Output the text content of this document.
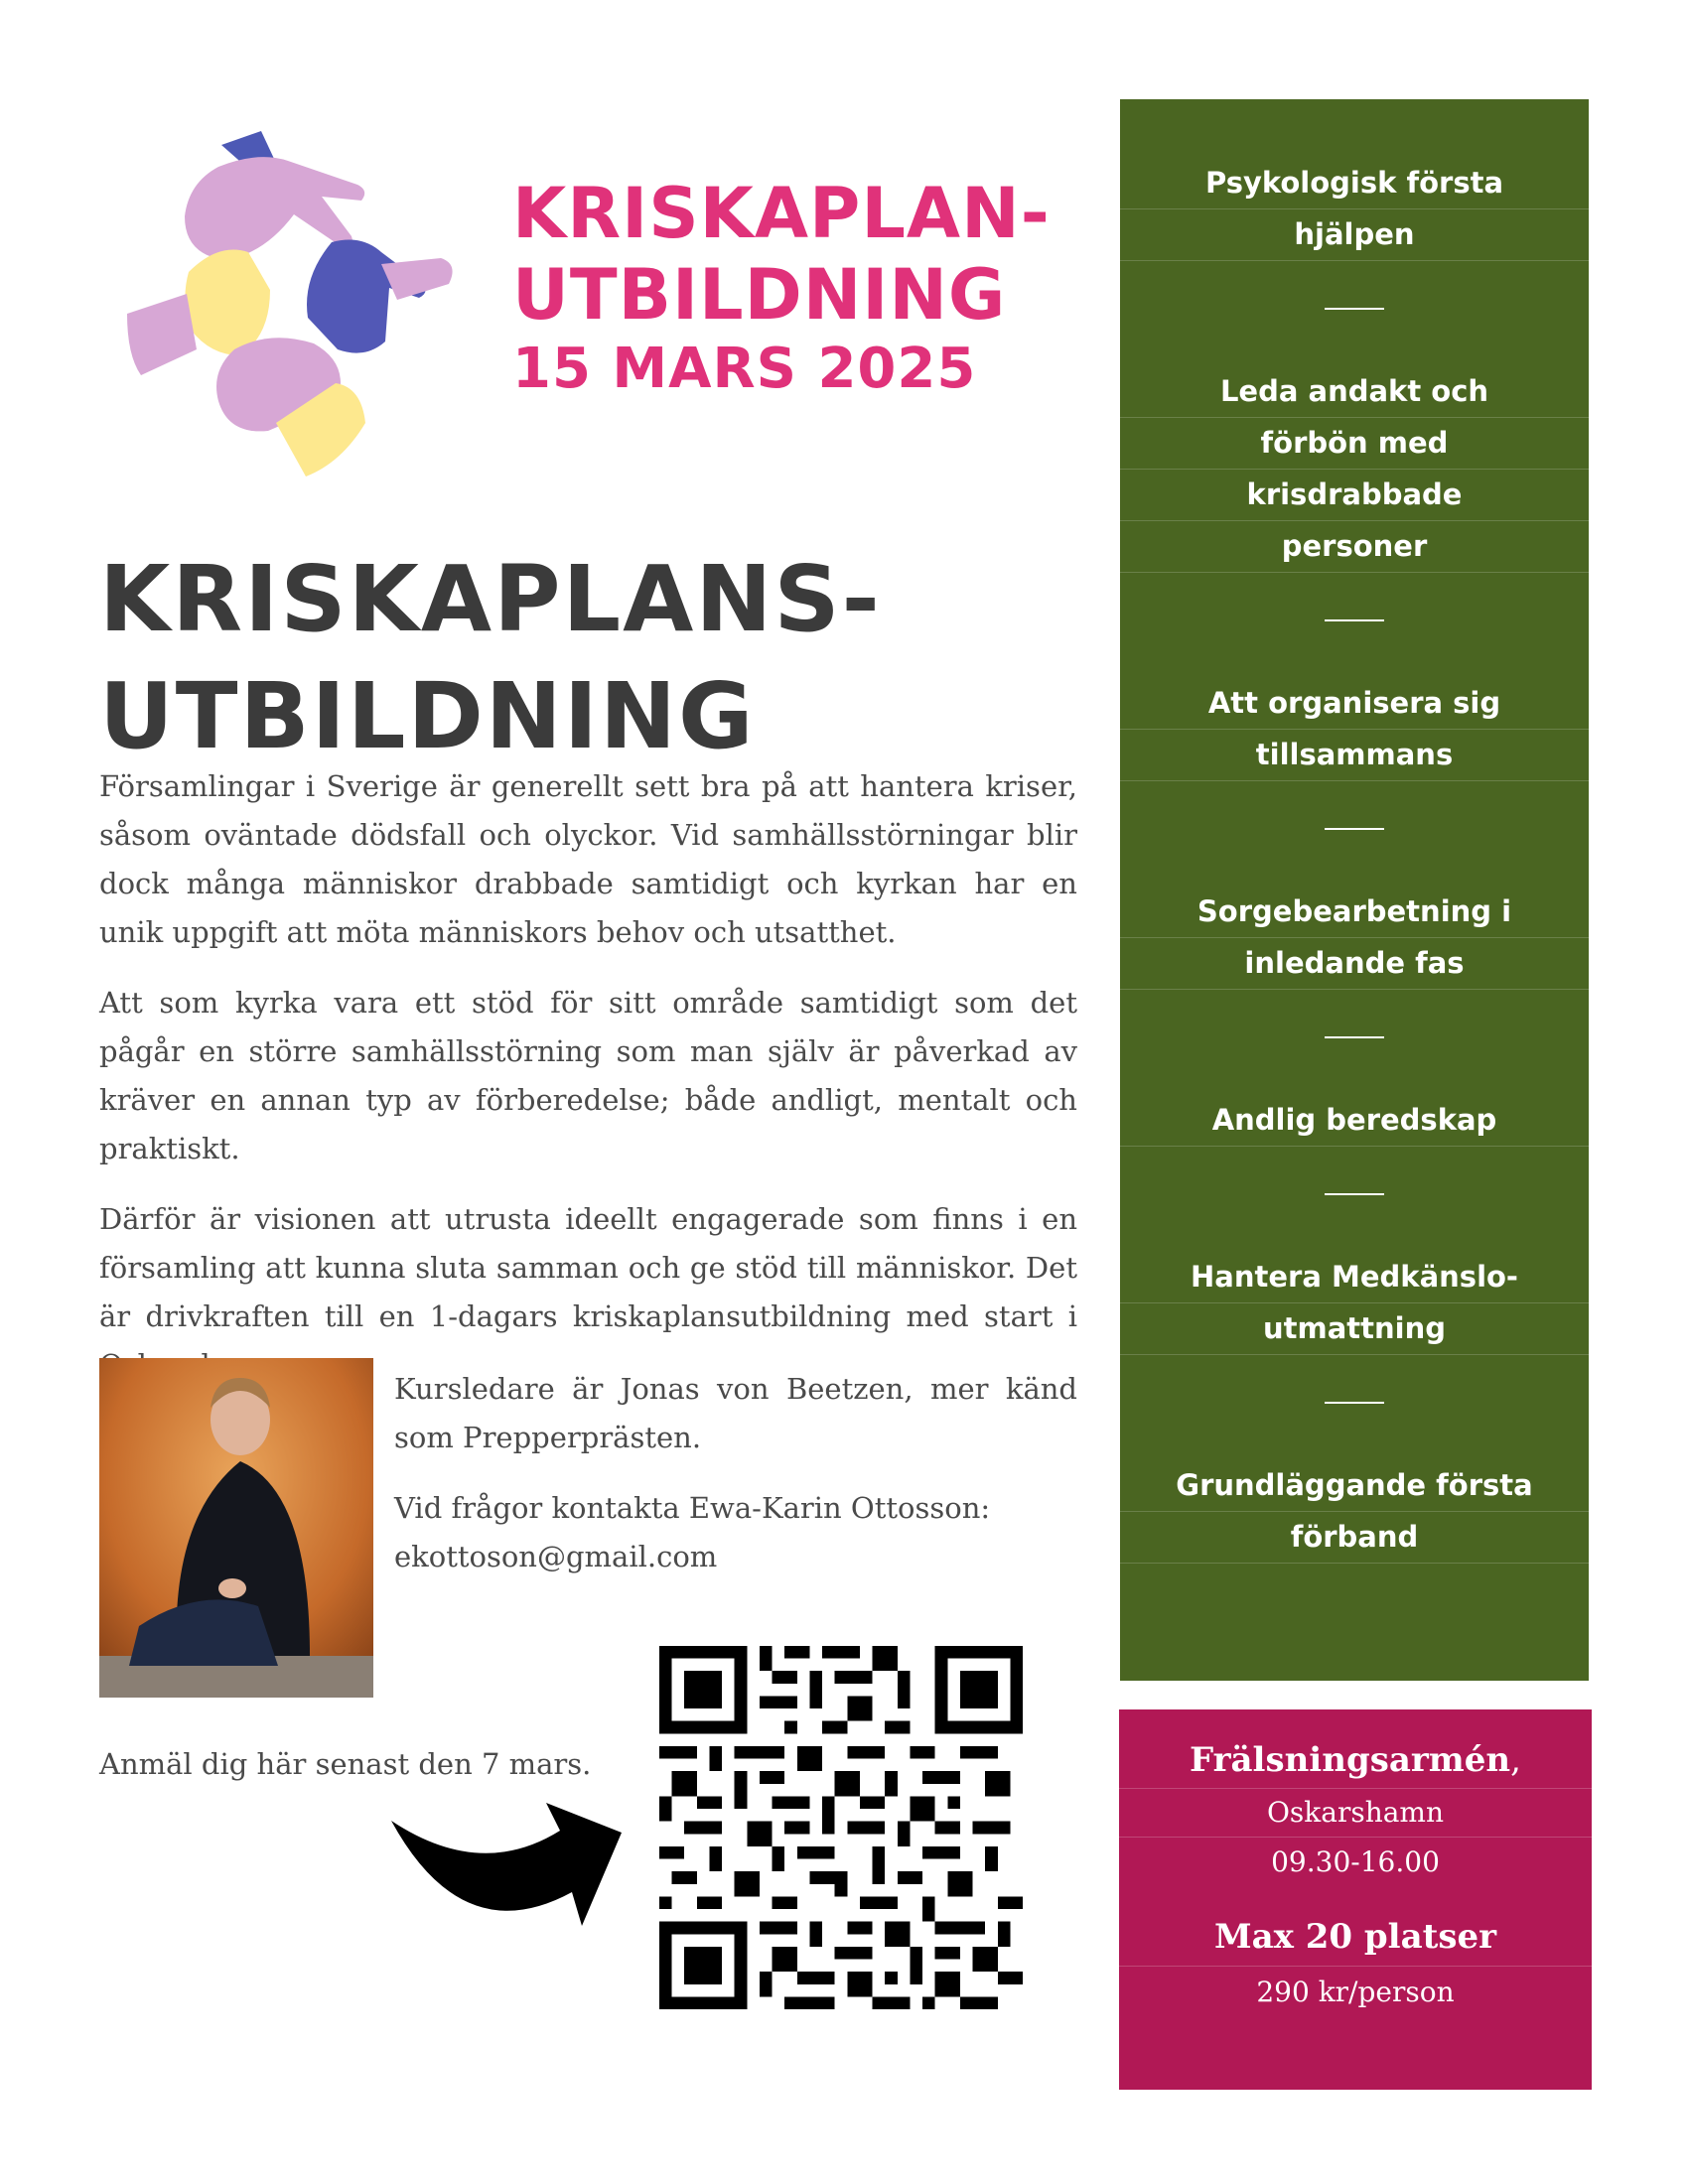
KRISKAPLAN-
UTBILDNING
15 MARS 2025
KRISKAPLANS-
UTBILDNING

Församlingar i Sverige är generellt sett bra på att hantera kriser, såsom oväntade dödsfall och olyckor. Vid samhällsstörningar blir dock många människor drabbade samtidigt och kyrkan har en unik uppgift att möta människors behov och utsatthet.

Att som kyrka vara ett stöd för sitt område samtidigt som det pågår en större samhällsstörning som man själv är påverkad av kräver en annan typ av förberedelse; både andligt, mentalt och praktiskt.

Därför är visionen att utrusta ideellt engagerade som finns i en församling att kunna sluta samman och ge stöd till människor. Det är drivkraften till en 1-dagars kriskaplansutbildning med start i

Kursledare är Jonas von Beetzen, mer känd som Prepperprästen.

Vid frågor kontakta Ewa-Karin Ottosson: ekottoson@gmail.com

Anmäl dig här senast den 7 mars.
Psykologisk första
hjälpen
Leda andakt och
förbön med
krisdrabbade
personer
Att organisera sig
tillsammans
Sorgebearbetning i
inledande fas
Andlig beredskap
Hantera Medkänslo-
utmattning
Grundläggande första
förband
Frälsningsarmén,
Oskarshamn
09.30-16.00
Max 20 platser
290 kr/person
